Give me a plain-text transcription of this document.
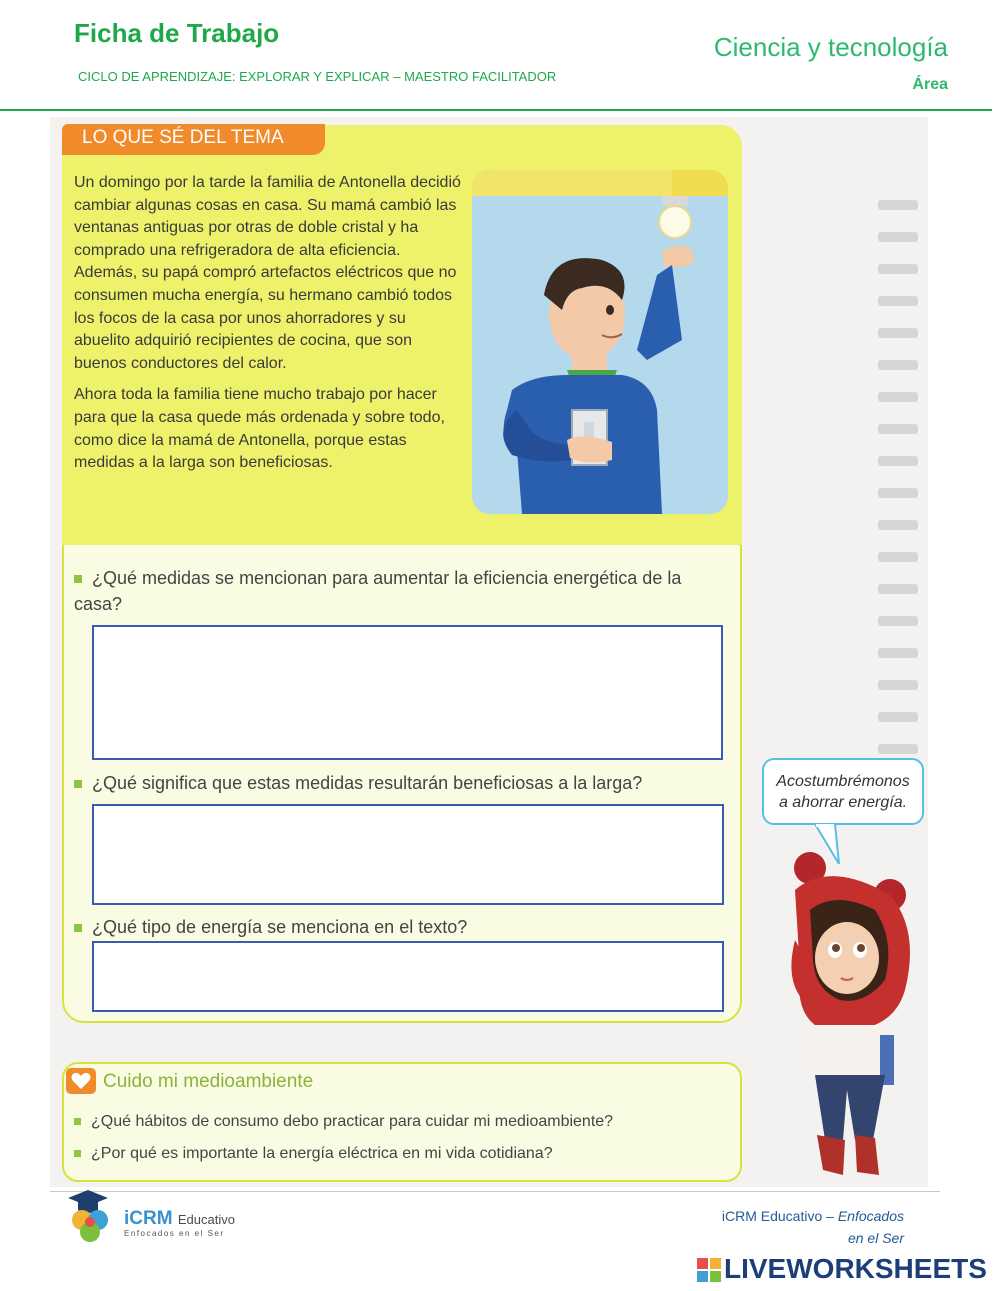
Ficha de Trabajo
CICLO DE APRENDIZAJE: EXPLORAR Y EXPLICAR – MAESTRO FACILITADOR
Ciencia y tecnología
Área
LO QUE SÉ DEL TEMA

Un domingo por la tarde la familia de Antonella decidió cambiar algunas cosas en casa. Su mamá cambió las ventanas antiguas por otras de doble cristal y ha comprado una refrigeradora de alta eficiencia. Además, su papá compró artefactos eléctricos que no consumen mucha energía, su hermano cambió todos los focos de la casa por unos ahorradores y su abuelito adquirió recipientes de cocina, que son buenos conductores del calor.

Ahora toda la familia tiene mucho trabajo por hacer para que la casa quede más ordenada y sobre todo, como dice la mamá de Antonella, porque estas medidas a la larga son beneficiosas.

¿Qué medidas se mencionan para aumentar la eficiencia energética de la casa?
¿Qué significa que estas medidas resultarán beneficiosas a la larga?
¿Qué tipo de energía se menciona en el texto?
Acostumbrémonos
a ahorrar energía.
Cuido mi medioambiente
¿Qué hábitos de consumo debo practicar para cuidar mi medioambiente?
¿Por qué es importante la energía eléctrica en mi vida cotidiana?
iCRM Educativo
Enfocados en el Ser
iCRM Educativo – Enfocados
en el Ser
LIVEWORKSHEETS
